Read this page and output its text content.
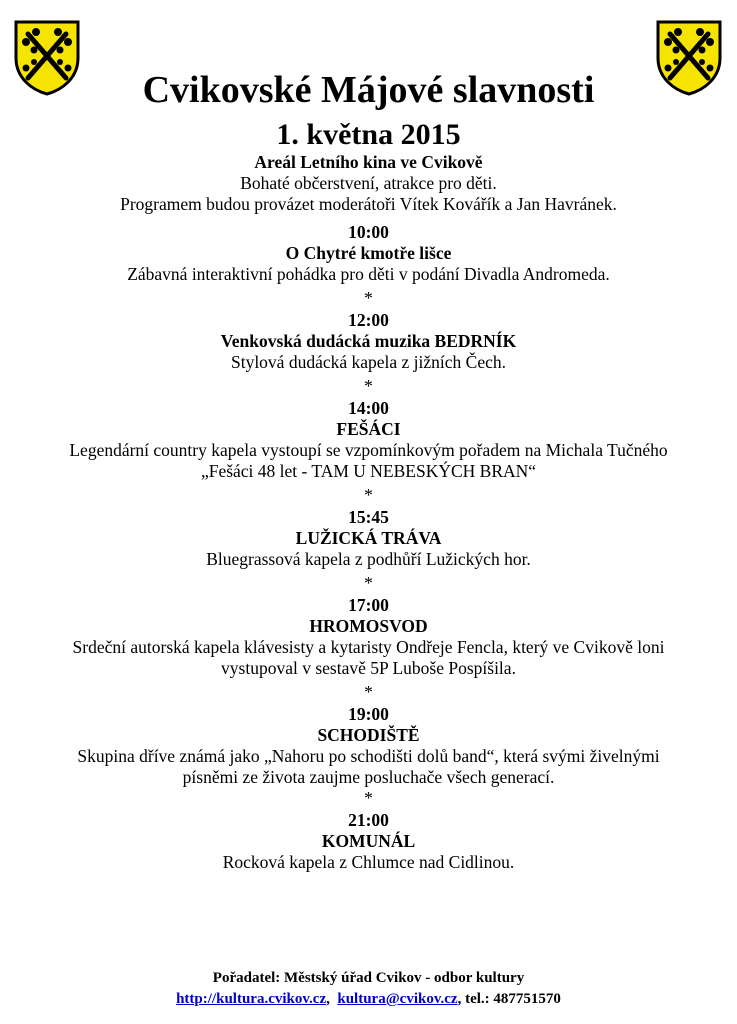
Cvikovské Májové slavnosti
1. května 2015
Areál Letního kina ve Cvikově
Bohaté občerstvení, atrakce pro děti.
Programem budou provázet moderátoři Vítek Kovářík a Jan Havránek.
10:00
O Chytré kmotře lišce
Zábavná interaktivní pohádka pro děti v podání Divadla Andromeda.
*
12:00
Venkovská dudácká muzika BEDRNÍK
Stylová dudácká kapela z jižních Čech.
*
14:00
FEŠÁCI
Legendární country kapela vystoupí se vzpomínkovým pořadem na Michala Tučného
„Fešáci 48 let - TAM U NEBESKÝCH BRAN“
*
15:45
LUŽICKÁ TRÁVA
Bluegrassová kapela z podhůří Lužických hor.
*
17:00
HROMOSVOD
Srdeční autorská kapela klávesisty a kytaristy Ondřeje Fencla, který ve Cvikově loni
vystupoval v sestavě 5P Luboše Pospíšila.
*
19:00
SCHODIŠTĚ
Skupina dříve známá jako „Nahoru po schodišti dolů band“, která svými živelnými
písněmi ze života zaujme posluchače všech generací.
*
21:00
KOMUNÁL
Rocková kapela z Chlumce nad Cidlinou.
Pořadatel: Městský úřad Cvikov - odbor kultury
http://kultura.cvikov.cz,  kultura@cvikov.cz, tel.: 487751570
